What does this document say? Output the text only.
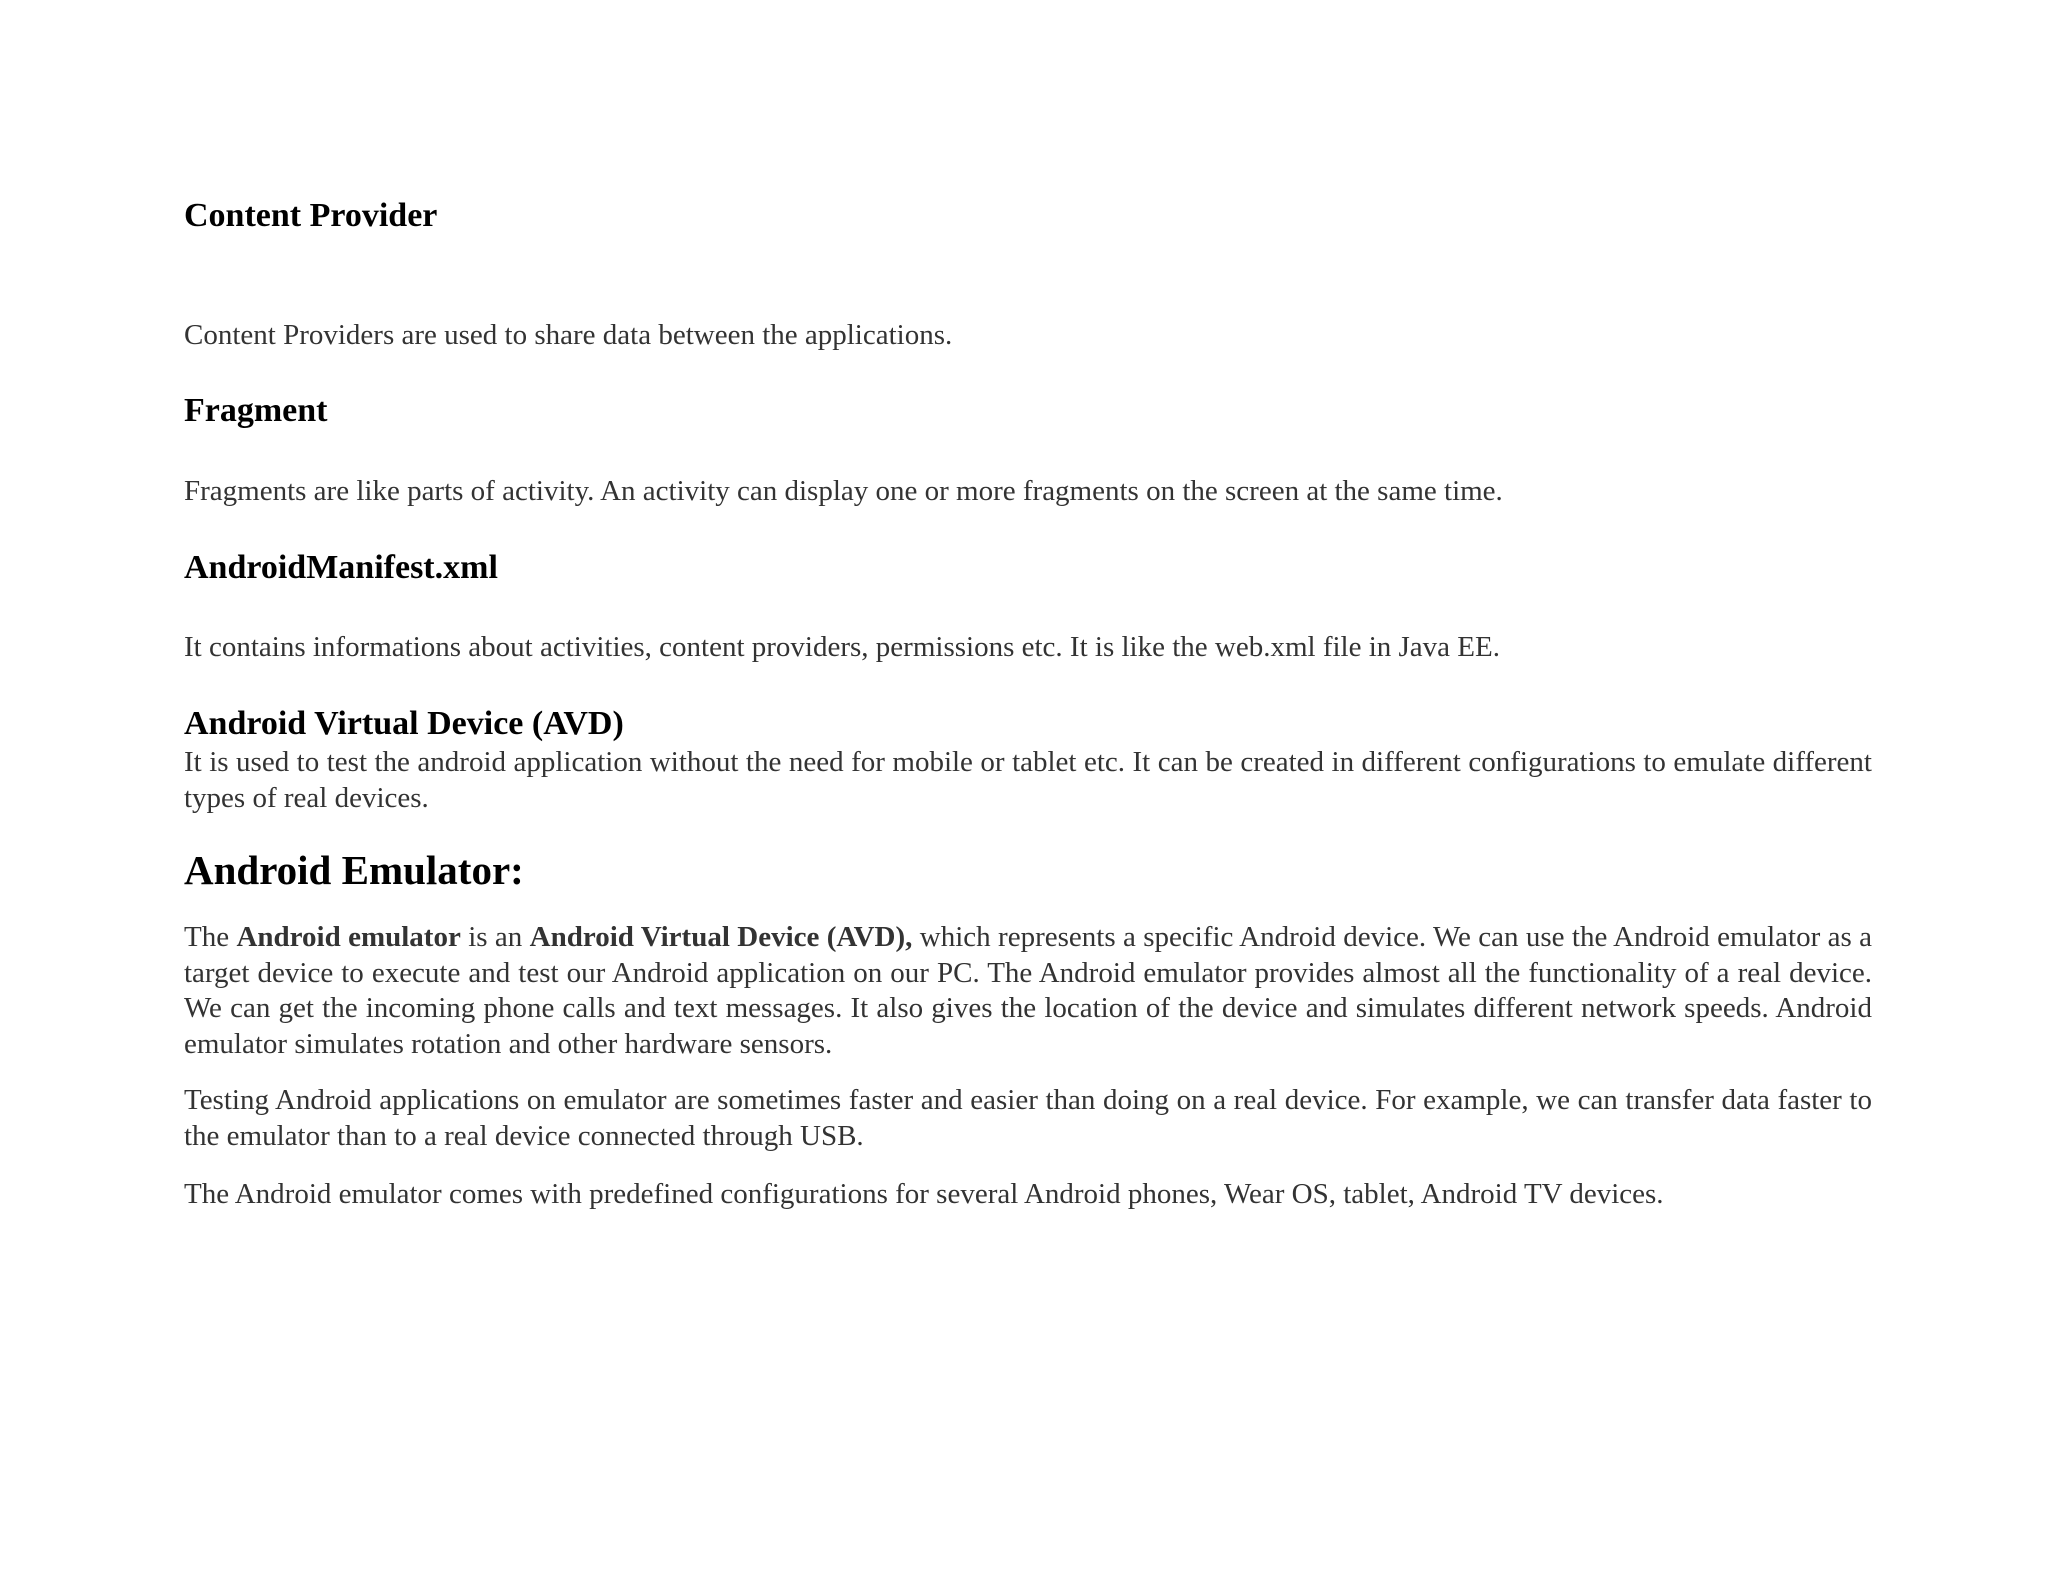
Content Provider

Content Providers are used to share data between the applications.

Fragment

Fragments are like parts of activity. An activity can display one or more fragments on the screen at the same time.

AndroidManifest.xml

It contains informations about activities, content providers, permissions etc. It is like the web.xml file in Java EE.

Android Virtual Device (AVD)

It is used to test the android application without the need for mobile or tablet etc. It can be created in different configurations to emulate different types of real devices.

Android Emulator:

The Android emulator is an Android Virtual Device (AVD), which represents a specific Android device. We can use the Android emulator as a target device to execute and test our Android application on our PC. The Android emulator provides almost all the functionality of a real device. We can get the incoming phone calls and text messages. It also gives the location of the device and simulates different network speeds. Android emulator simulates rotation and other hardware sensors.

Testing Android applications on emulator are sometimes faster and easier than doing on a real device. For example, we can transfer data faster to the emulator than to a real device connected through USB.

The Android emulator comes with predefined configurations for several Android phones, Wear OS, tablet, Android TV devices.
